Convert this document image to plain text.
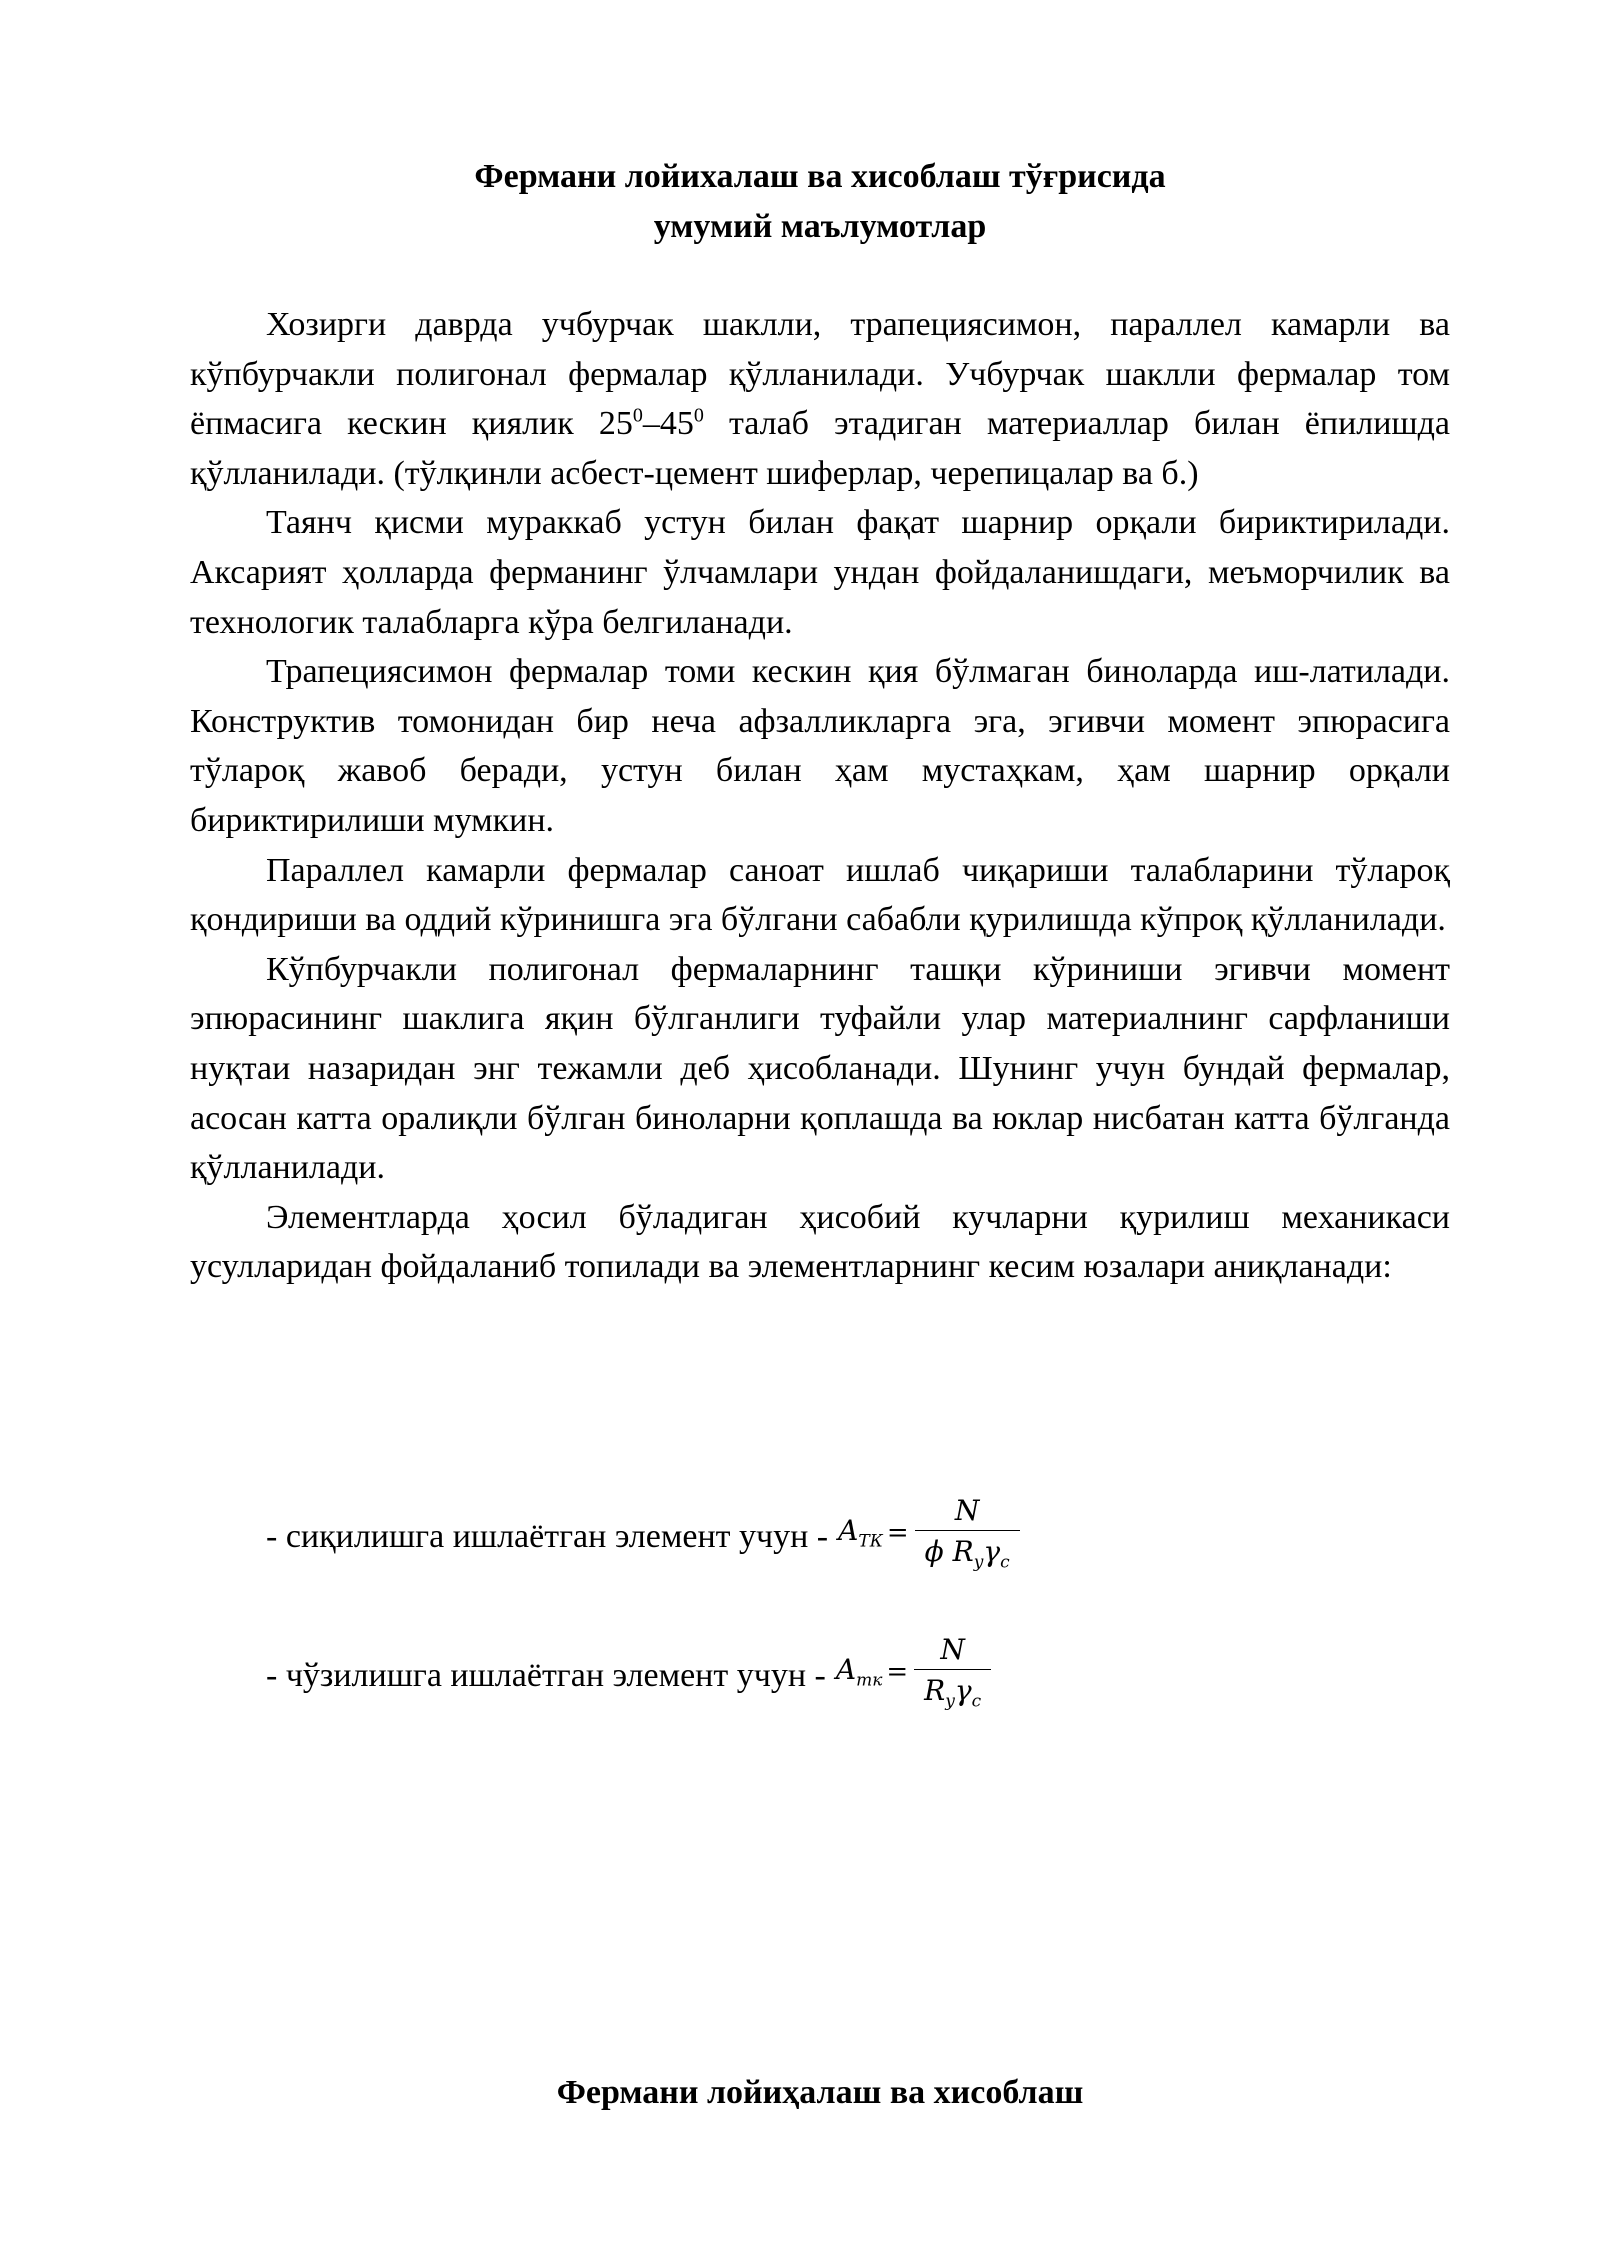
Фермани лойихалаш ва хисоблаш тўғрисида
умумий маълумотлар

Хозирги даврда учбурчак шаклли, трапециясимон, параллел камарли ва кўпбурчакли полигонал фермалар қўлланилади. Учбурчак шаклли фермалар том ёпмасига кескин қиялик $25^0-45^0$ талаб этадиган материаллар билан ёпилишда қўлланилади. (тўлқинли асбест-цемент шиферлар, черепицалар ва б.)

Таянч қисми мураккаб устун билан фақат шарнир орқали бириктирилади. Аксарият ҳолларда ферманинг ўлчамлари ундан фойдаланишдаги, меъморчилик ва технологик талабларга кўра белгиланади.

Трапециясимон фермалар томи кескин қия бўлмаган биноларда иш-латилади. Конструктив томонидан бир неча афзалликларга эга, эгивчи момент эпюрасига тўлароқ жавоб беради, устун билан ҳам мустаҳкам, ҳам шарнир орқали бириктирилиши мумкин.

Параллел камарли фермалар саноат ишлаб чиқариши талабларини тўлароқ қондириши ва оддий кўринишга эга бўлгани сабабли қурилишда кўпроқ қўлланилади.

Кўпбурчакли полигонал фермаларнинг ташқи кўриниши эгивчи момент эпюрасининг шаклига яқин бўлганлиги туфайли улар материалнинг сарфланиши нуқтаи назаридан энг тежамли деб ҳисобланади. Шунинг учун бундай фермалар, асосан катта оралиқли бўлган биноларни қоплашда ва юклар нисбатан катта бўлганда қўлланилади.

Элементларда ҳосил бўладиган ҳисобий кучларни қурилиш механикаси усулларидан фойдаланиб топилади ва элементларнинг кесим юзалари аниқланади:

- сиқилишга ишлаётган элемент учун - $A_{ТК} = \frac{N}{\phi R_y\gamma_c}$
- чўзилишга ишлаётган элемент учун - $A_{тк} = \frac{N}{R_y\gamma_c}$
Фермани лойиҳалаш ва хисоблаш
